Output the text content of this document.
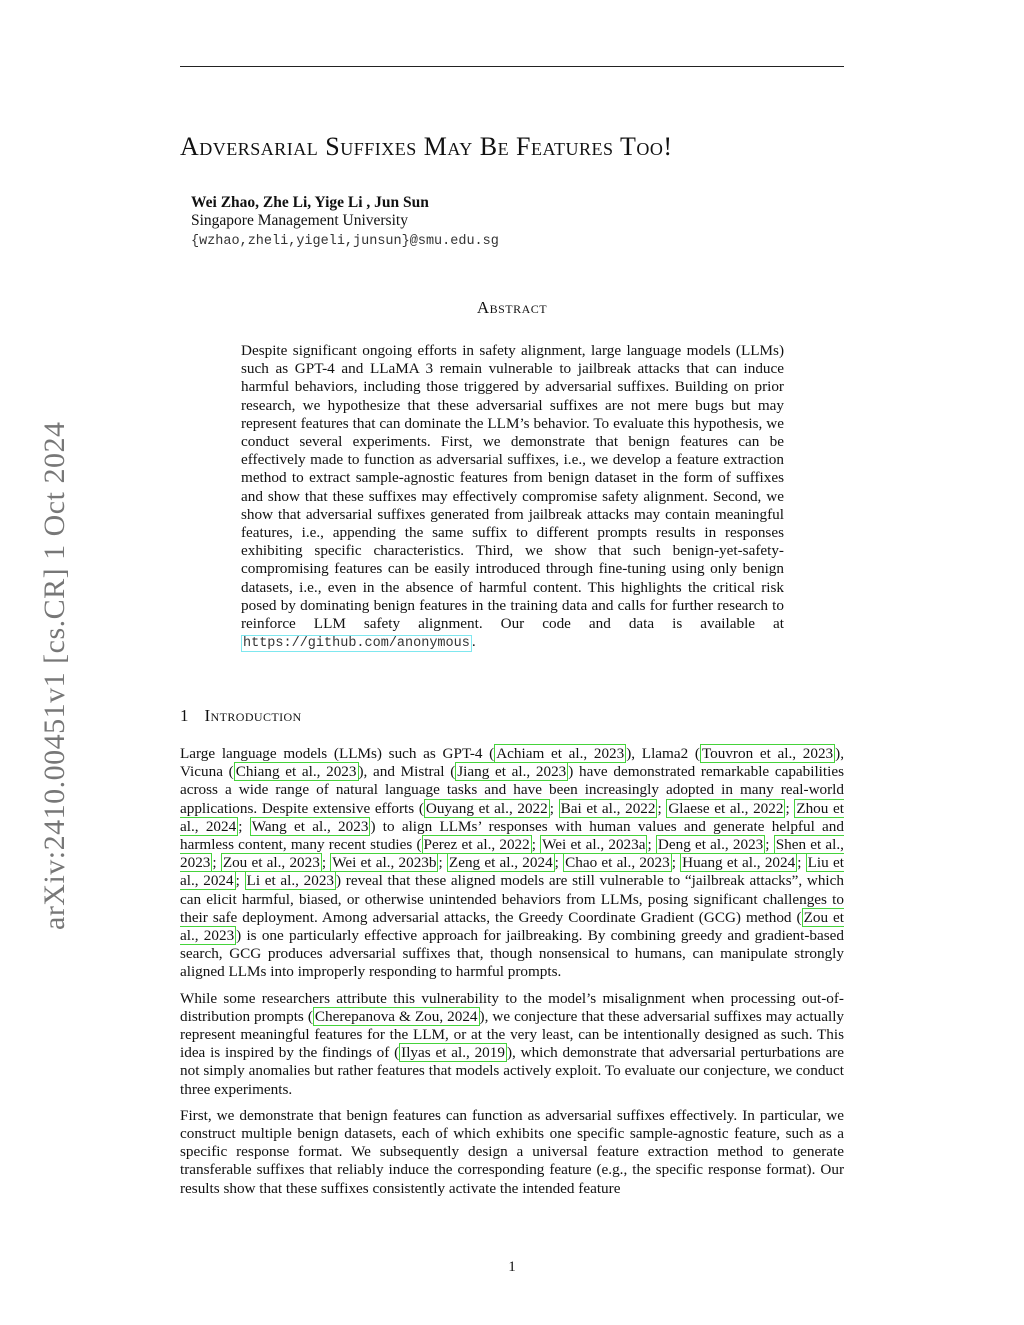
arXiv:2410.00451v1 [cs.CR] 1 Oct 2024
Adversarial Suffixes May Be Features Too!
Wei Zhao, Zhe Li, Yige Li , Jun Sun
Singapore Management University
{wzhao,zheli,yigeli,junsun}@smu.edu.sg
Abstract
Despite significant ongoing efforts in safety alignment, large language models (LLMs) such as GPT-4 and LLaMA 3 remain vulnerable to jailbreak attacks that can induce harmful behaviors, including those triggered by adversarial suffixes. Building on prior research, we hypothesize that these adversarial suffixes are not mere bugs but may represent features that can dominate the LLM’s behavior. To evaluate this hypothesis, we conduct several experiments. First, we demonstrate that benign features can be effectively made to function as adversarial suffixes, i.e., we develop a feature extraction method to extract sample-agnostic features from benign dataset in the form of suffixes and show that these suffixes may effectively compromise safety alignment. Second, we show that adversarial suffixes generated from jailbreak attacks may contain meaningful features, i.e., appending the same suffix to different prompts results in responses exhibiting specific characteristics. Third, we show that such benign-yet-safety-compromising features can be easily introduced through fine-tuning using only benign datasets, i.e., even in the absence of harmful content. This highlights the critical risk posed by dominating benign features in the training data and calls for further research to reinforce LLM safety alignment. Our code and data is available at https://github.com/anonymous .
1 Introduction

Large language models (LLMs) such as GPT-4 ( Achiam et al., 2023 ), Llama2 ( Touvron et al., 2023 ), Vicuna ( Chiang et al., 2023 ), and Mistral ( Jiang et al., 2023 ) have demonstrated remarkable capabilities across a wide range of natural language tasks and have been increasingly adopted in many real-world applications. Despite extensive efforts ( Ouyang et al., 2022 ; Bai et al., 2022 ; Glaese et al., 2022 ; Zhou et al., 2024 ; Wang et al., 2023 ) to align LLMs’ responses with human values and generate helpful and harmless content, many recent studies ( Perez et al., 2022 ; Wei et al., 2023a ; Deng et al., 2023 ; Shen et al., 2023 ; Zou et al., 2023 ; Wei et al., 2023b ; Zeng et al., 2024 ; Chao et al., 2023 ; Huang et al., 2024 ; Liu et al., 2024 ; Li et al., 2023 ) reveal that these aligned models are still vulnerable to “jailbreak attacks”, which can elicit harmful, biased, or otherwise unintended behaviors from LLMs, posing significant challenges to their safe deployment. Among adversarial attacks, the Greedy Coordinate Gradient (GCG) method ( Zou et al., 2023 ) is one particularly effective approach for jailbreaking. By combining greedy and gradient-based search, GCG produces adversarial suffixes that, though nonsensical to humans, can manipulate strongly aligned LLMs into improperly responding to harmful prompts.

While some researchers attribute this vulnerability to the model’s misalignment when processing out-of-distribution prompts ( Cherepanova & Zou, 2024 ), we conjecture that these adversarial suffixes may actually represent meaningful features for the LLM, or at the very least, can be intentionally designed as such. This idea is inspired by the findings of ( Ilyas et al., 2019 ), which demonstrate that adversarial perturbations are not simply anomalies but rather features that models actively exploit. To evaluate our conjecture, we conduct three experiments.

First, we demonstrate that benign features can function as adversarial suffixes effectively. In particular, we construct multiple benign datasets, each of which exhibits one specific sample-agnostic feature, such as a specific response format. We subsequently design a universal feature extraction method to generate transferable suffixes that reliably induce the corresponding feature (e.g., the specific response format). Our results show that these suffixes consistently activate the intended feature

1
